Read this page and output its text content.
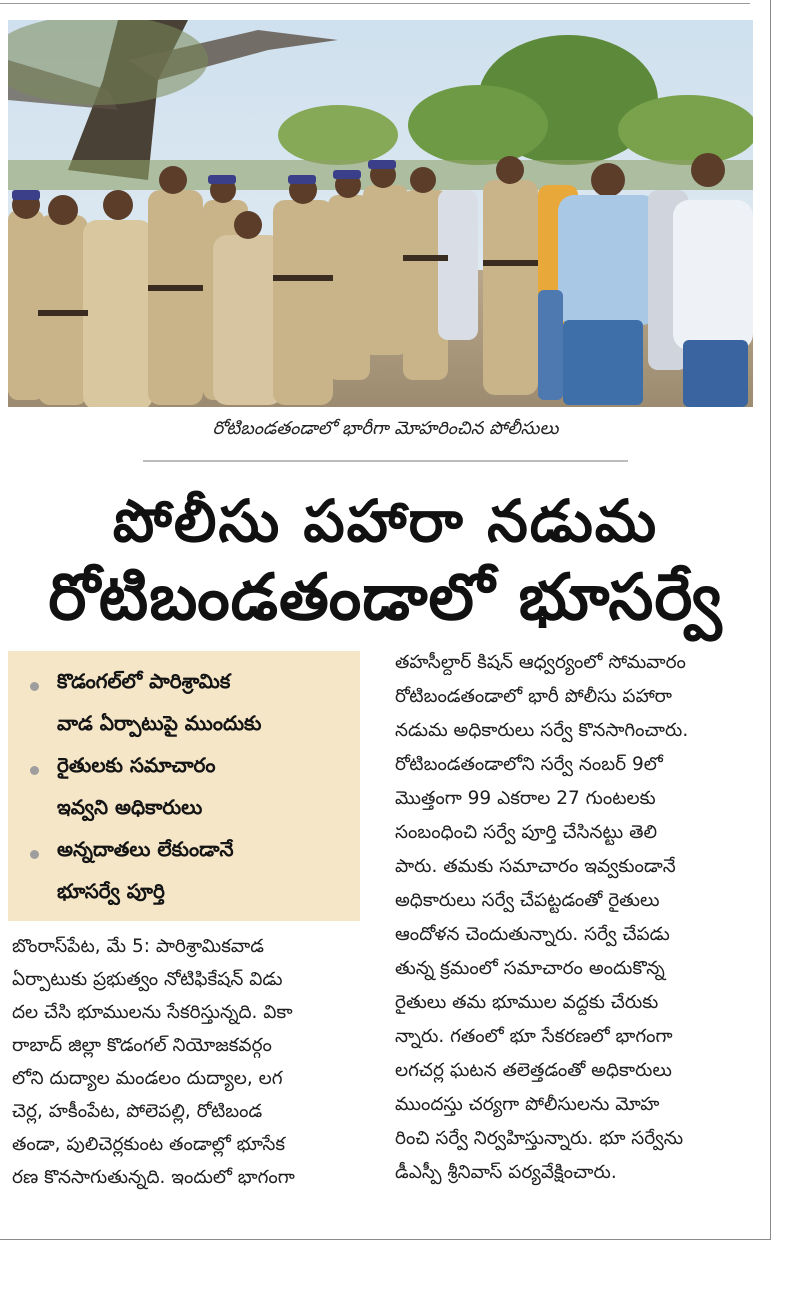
రోటిబండతండాలో భారీగా మోహరించిన పోలీసులు
పోలీసు పహారా నడుమ
రోటిబండతండాలో భూసర్వే
కొడంగల్‌లో పారిశ్రామిక
వాడ ఏర్పాటుపై ముందుకు
రైతులకు సమాచారం
ఇవ్వని అధికారులు
అన్నదాతలు లేకుండానే
భూసర్వే పూర్తి
బొంరాస్‌పేట, మే 5: పారిశ్రామికవాడ
ఏర్పాటుకు ప్రభుత్వం నోటిఫికేషన్ విడు
దల చేసి భూములను సేకరిస్తున్నది. వికా
రాబాద్ జిల్లా కొడంగల్ నియోజకవర్గం
లోని దుద్యాల మండలం దుద్యాల, లగ
చెర్ల, హకీంపేట, పోలెపల్లి, రోటిబండ
తండా, పులిచెర్లకుంట తండాల్లో భూసేక
రణ కొనసాగుతున్నది. ఇందులో భాగంగా
తహసీల్దార్ కిషన్ ఆధ్వర్యంలో సోమవారం
రోటిబండతండాలో భారీ పోలీసు పహారా
నడుమ అధికారులు సర్వే కొనసాగించారు.
రోటిబండతండాలోని సర్వే నంబర్ 9లో
మొత్తంగా 99 ఎకరాల 27 గుంటలకు
సంబంధించి సర్వే పూర్తి చేసినట్టు తెలి
పారు. తమకు సమాచారం ఇవ్వకుండానే
అధికారులు సర్వే చేపట్టడంతో రైతులు
ఆందోళన చెందుతున్నారు. సర్వే చేపడు
తున్న క్రమంలో సమాచారం అందుకొన్న
రైతులు తమ భూముల వద్దకు చేరుకు
న్నారు. గతంలో భూ సేకరణలో భాగంగా
లగచర్ల ఘటన తలెత్తడంతో అధికారులు
ముందస్తు చర్యగా పోలీసులను మోహ
రించి సర్వే నిర్వహిస్తున్నారు. భూ సర్వేను
డీఎస్పీ శ్రీనివాస్ పర్యవేక్షించారు.
